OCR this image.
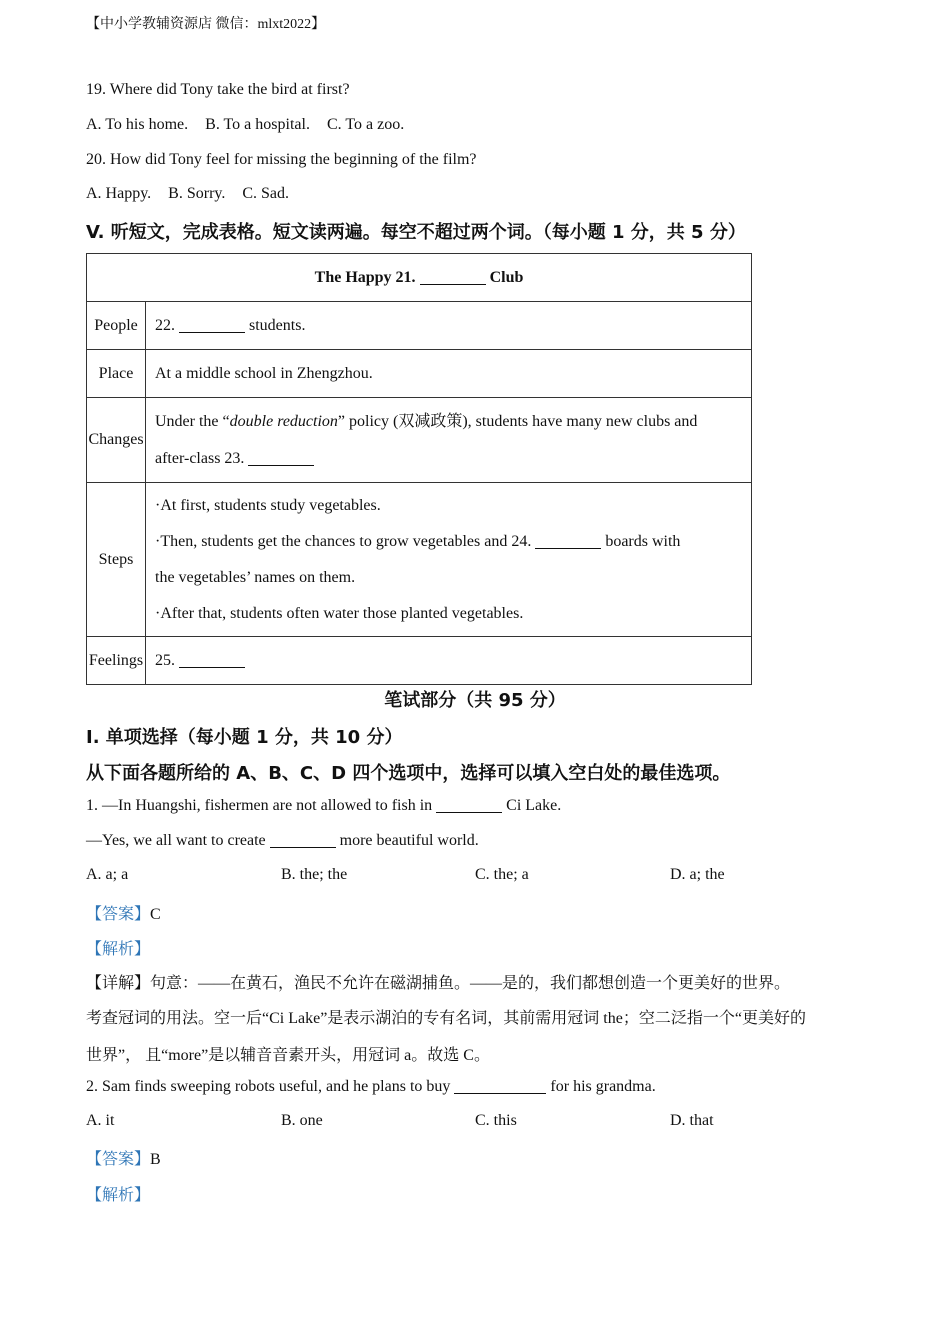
【中小学教辅资源店 微信：mlxt2022】
19. Where did Tony take the bird at first?
A. To his home. B. To a hospital. C. To a zoo.
20. How did Tony feel for missing the beginning of the film?
A. Happy. B. Sorry. C. Sad.
V. 听短文，完成表格。短文读两遍。每空不超过两个词。（每小题 1 分，共 5 分）
The Happy 21. Club	
People	22. students.
Place	At a middle school in Zhengzhou.
Changes	Under the “double reduction” policy (双减政策), students have many new clubs and
after-class 23.

Steps	·At first, students study vegetables.
·Then, students get the chances to grow vegetables and 24. boards with
the vegetables’ names on them.
·After that, students often water those planted vegetables.

Feelings	25.
笔试部分（共 95 分）
Ⅰ. 单项选择（每小题 1 分，共 10 分）
从下面各题所给的 A、B、C、D 四个选项中，选择可以填入空白处的最佳选项。
1. —In Huangshi, fishermen are not allowed to fish in	Ci Lake.
—Yes, we all want to create	more beautiful world.
A. a; a	B. the; the	C. the; a	D. a; the
【答案】C
【解析】
【详解】句意：——在黄石，渔民不允许在磁湖捕鱼。——是的，我们都想创造一个更美好的世界。
考查冠词的用法。空一后“Ci Lake”是表示湖泊的专有名词，其前需用冠词 the；空二泛指一个“更美好的
世界”， 且“more”是以辅音音素开头，用冠词 a。故选 C。
2. Sam finds sweeping robots useful, and he plans to buy	for his grandma.
A. it	B. one	C. this	D. that
【答案】B
【解析】
